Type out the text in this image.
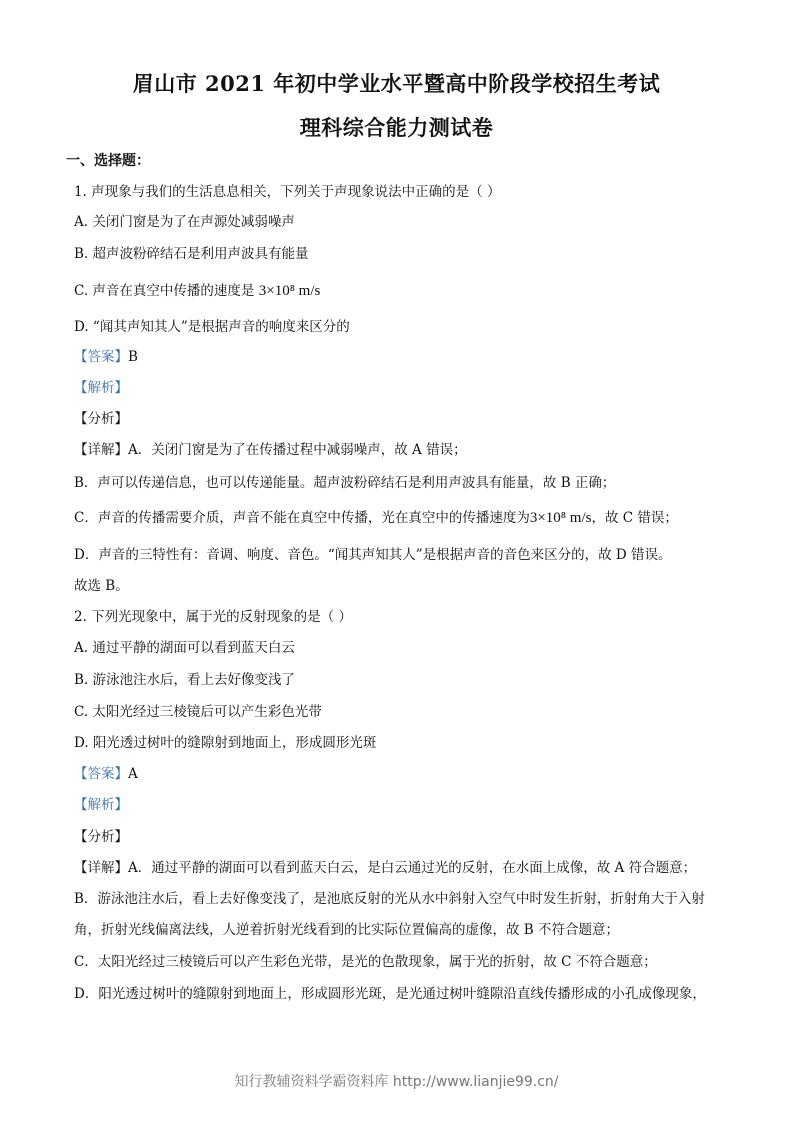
眉山市 2021 年初中学业水平暨高中阶段学校招生考试
理科综合能力测试卷
一、选择题：
1. 声现象与我们的生活息息相关，下列关于声现象说法中正确的是（ ）
A. 关闭门窗是为了在声源处减弱噪声
B. 超声波粉碎结石是利用声波具有能量
C. 声音在真空中传播的速度是 3×10⁸ m/s
D. “闻其声知其人”是根据声音的响度来区分的
【答案】B
【解析】
【分析】
【详解】A．关闭门窗是为了在传播过程中减弱噪声，故 A 错误；
B．声可以传递信息，也可以传递能量。超声波粉碎结石是利用声波具有能量，故 B 正确；
C．声音的传播需要介质，声音不能在真空中传播，光在真空中的传播速度为3×10⁸ m/s，故 C 错误；
D．声音的三特性有：音调、响度、音色。“闻其声知其人”是根据声音的音色来区分的，故 D 错误。
故选 B。
2. 下列光现象中，属于光的反射现象的是（ ）
A. 通过平静的湖面可以看到蓝天白云
B. 游泳池注水后，看上去好像变浅了
C. 太阳光经过三棱镜后可以产生彩色光带
D. 阳光透过树叶的缝隙射到地面上，形成圆形光斑
【答案】A
【解析】
【分析】
【详解】A．通过平静的湖面可以看到蓝天白云，是白云通过光的反射，在水面上成像，故 A 符合题意；
B．游泳池注水后，看上去好像变浅了，是池底反射的光从水中斜射入空气中时发生折射，折射角大于入射
角，折射光线偏离法线，人逆着折射光线看到的比实际位置偏高的虚像，故 B 不符合题意；
C．太阳光经过三棱镜后可以产生彩色光带，是光的色散现象，属于光的折射，故 C 不符合题意；
D．阳光透过树叶的缝隙射到地面上，形成圆形光斑，是光通过树叶缝隙沿直线传播形成的小孔成像现象，
知行教辅资料学霸资料库 http://www.lianjie99.cn/
